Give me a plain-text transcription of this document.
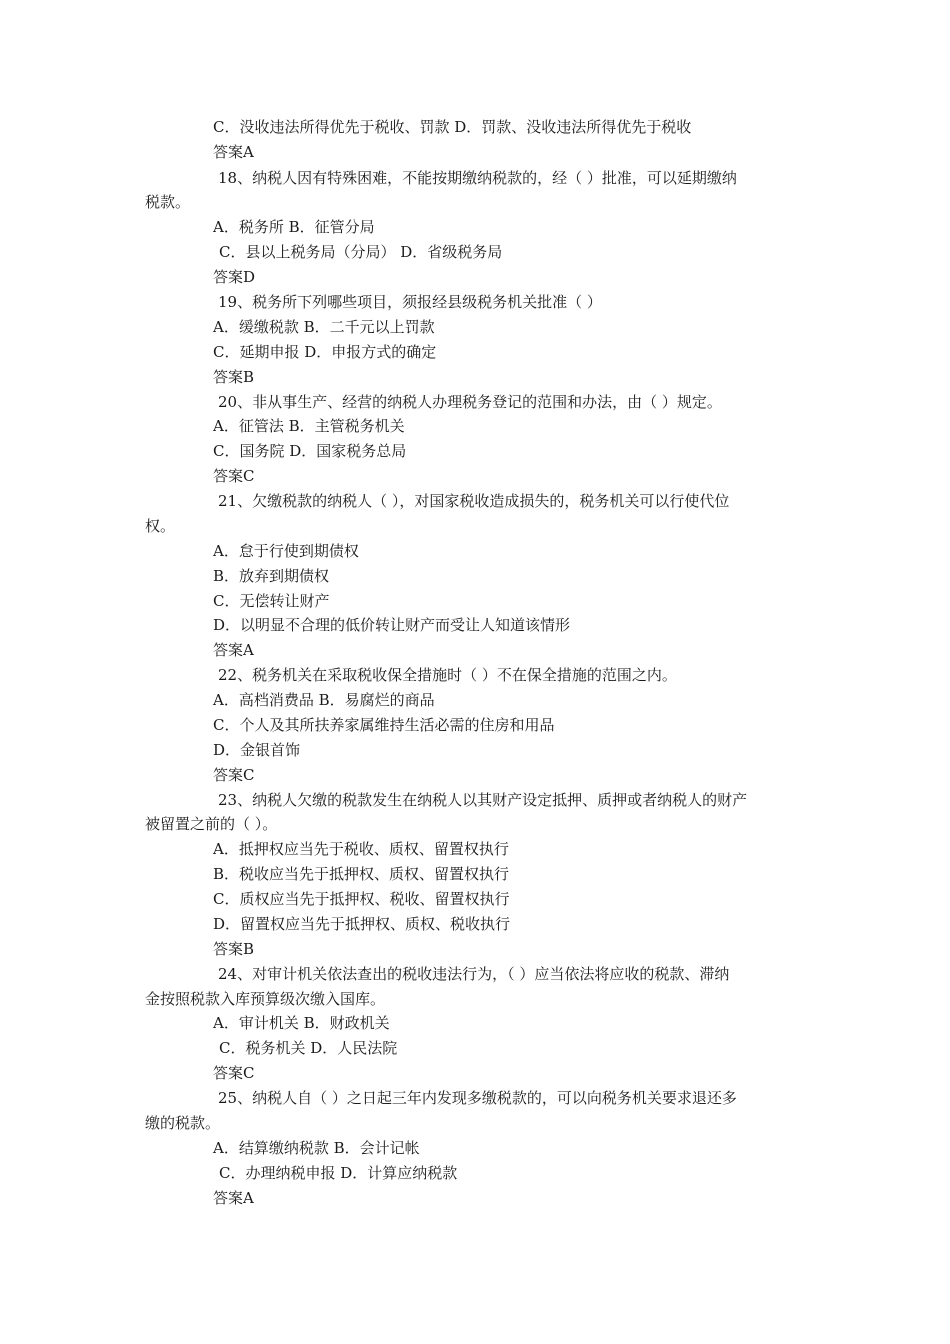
C．没收违法所得优先于税收、罚款 D．罚款、没收违法所得优先于税收
答案A
18、纳税人因有特殊困难，不能按期缴纳税款的，经（ ）批准，可以延期缴纳
税款。
A．税务所 B．征管分局
C．县以上税务局（分局） D．省级税务局
答案D
19、税务所下列哪些项目，须报经县级税务机关批准（ ）
A．缓缴税款 B．二千元以上罚款
C．延期申报 D．申报方式的确定
答案B
20、非从事生产、经营的纳税人办理税务登记的范围和办法，由（ ）规定。
A．征管法 B．主管税务机关
C．国务院 D．国家税务总局
答案C
21、欠缴税款的纳税人（ ），对国家税收造成损失的，税务机关可以行使代位
权。
A．怠于行使到期债权
B．放弃到期债权
C．无偿转让财产
D．以明显不合理的低价转让财产而受让人知道该情形
答案A
22、税务机关在采取税收保全措施时（ ）不在保全措施的范围之内。
A．高档消费品 B．易腐烂的商品
C．个人及其所扶养家属维持生活必需的住房和用品
D．金银首饰
答案C
23、纳税人欠缴的税款发生在纳税人以其财产设定抵押、质押或者纳税人的财产
被留置之前的（ ）。
A．抵押权应当先于税收、质权、留置权执行
B．税收应当先于抵押权、质权、留置权执行
C．质权应当先于抵押权、税收、留置权执行
D．留置权应当先于抵押权、质权、税收执行
答案B
24、对审计机关依法查出的税收违法行为，（ ）应当依法将应收的税款、滞纳
金按照税款入库预算级次缴入国库。
A．审计机关 B．财政机关
C．税务机关 D．人民法院
答案C
25、纳税人自（ ）之日起三年内发现多缴税款的，可以向税务机关要求退还多
缴的税款。
A．结算缴纳税款 B．会计记帐
C．办理纳税申报 D．计算应纳税款
答案A
